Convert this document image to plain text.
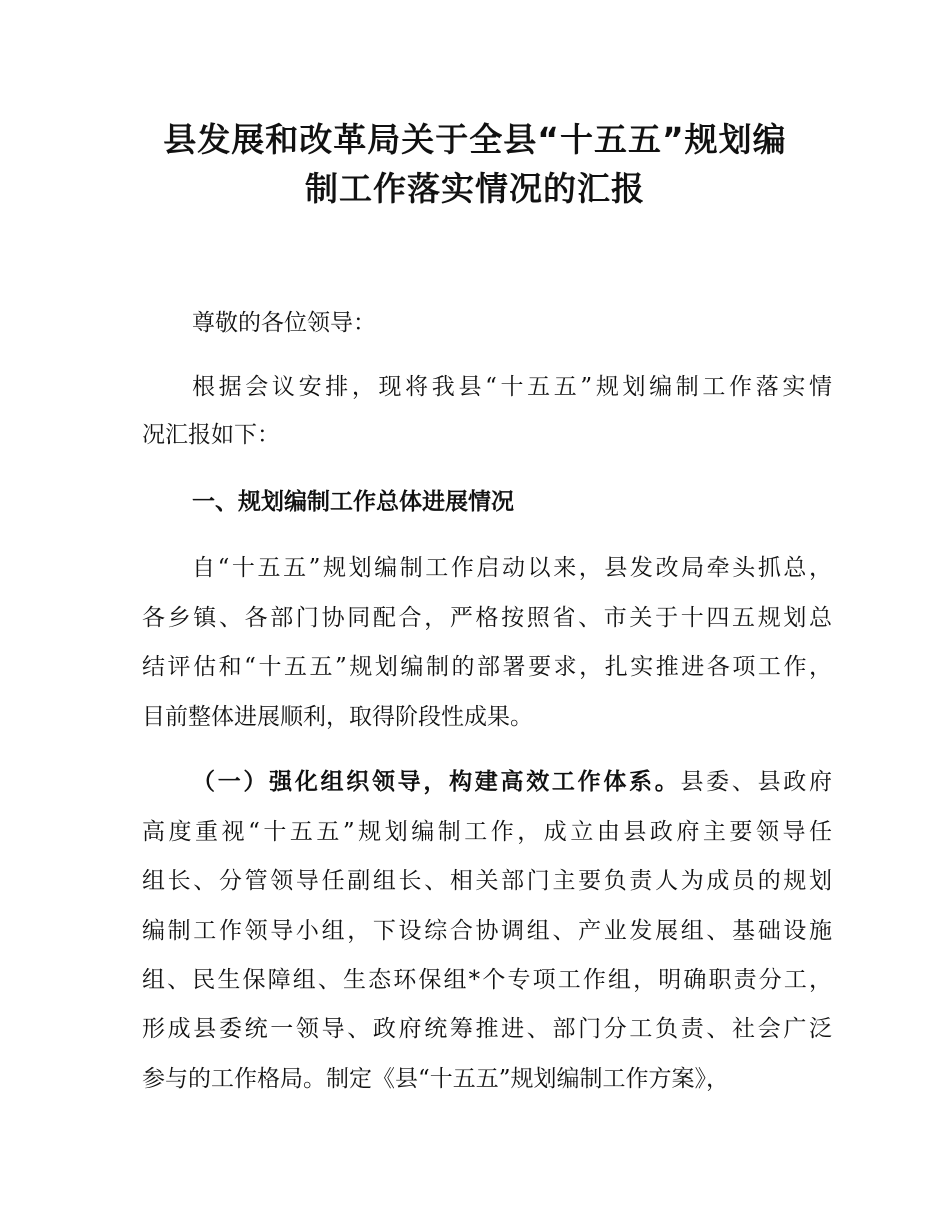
县发展和改革局关于全县“十五五”规划编
制工作落实情况的汇报

尊敬的各位领导：

根据会议安排，现将我县“十五五”规划编制工作落实情

况汇报如下：

一、规划编制工作总体进展情况

自“十五五”规划编制工作启动以来，县发改局牵头抓总，

各乡镇、各部门协同配合，严格按照省、市关于十四五规划总

结评估和“十五五”规划编制的部署要求，扎实推进各项工作，

目前整体进展顺利，取得阶段性成果。

（一）强化组织领导，构建高效工作体系。县委、县政府

高度重视“十五五”规划编制工作，成立由县政府主要领导任

组长、分管领导任副组长、相关部门主要负责人为成员的规划

编制工作领导小组，下设综合协调组、产业发展组、基础设施

组、民生保障组、生态环保组*个专项工作组，明确职责分工，

形成县委统一领导、政府统筹推进、部门分工负责、社会广泛

参与的工作格局。制定《县“十五五”规划编制工作方案》，
